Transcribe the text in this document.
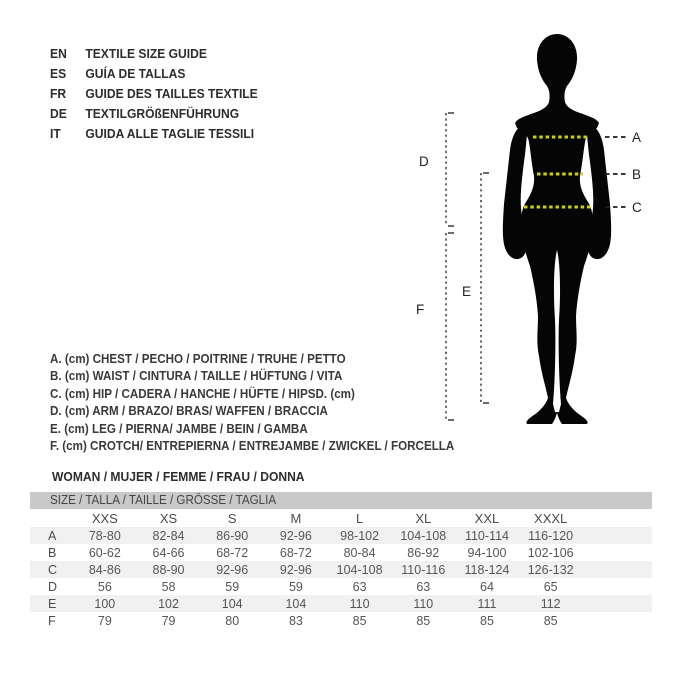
EN	TEXTILE SIZE GUIDE
ES	GUÍA DE TALLAS
FR	GUIDE DES TAILLES TEXTILE
DE	TEXTILGRÖßENFÜHRUNG
IT	GUIDA ALLE TAGLIE TESSILI	A
B
C
D
E
F
A. (cm) CHEST / PECHO / POITRINE / TRUHE / PETTO
B. (cm) WAIST / CINTURA / TAILLE / HÜFTUNG / VITA
C. (cm) HIP / CADERA / HANCHE / HÜFTE / HIPSD. (cm)
D. (cm) ARM / BRAZO/ BRAS/ WAFFEN / BRACCIA
E. (cm) LEG / PIERNA/ JAMBE / BEIN / GAMBA
F. (cm) CROTCH/ ENTREPIERNA / ENTREJAMBE / ZWICKEL / FORCELLA
WOMAN / MUJER / FEMME / FRAU / DONNA
SIZE / TALLA / TAILLE / GRÖSSE / TAGLIA
	XXS	XS	S	M	L	XL	XXL	XXXL	
A	78-80	82-84	86-90	92-96	98-102	104-108	110-114	116-120	
B	60-62	64-66	68-72	68-72	80-84	86-92	94-100	102-106	
C	84-86	88-90	92-96	92-96	104-108	110-116	118-124	126-132	
D	56	58	59	59	63	63	64	65	
E	100	102	104	104	110	110	111	112	
F	79	79	80	83	85	85	85	85	
